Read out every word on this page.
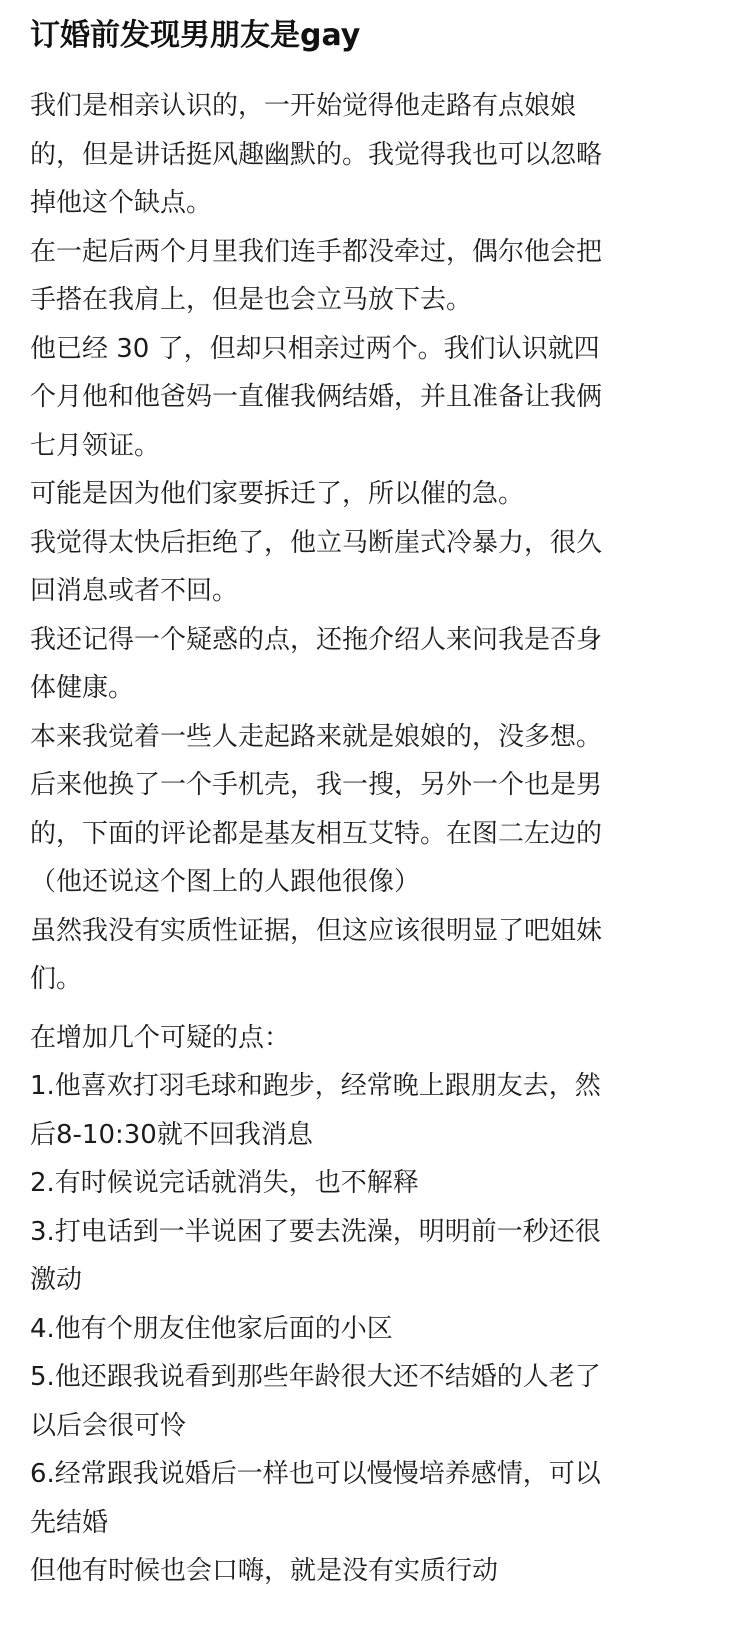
订婚前发现男朋友是gay
我们是相亲认识的，一开始觉得他走路有点娘娘
的，但是讲话挺风趣幽默的。我觉得我也可以忽略
掉他这个缺点。
在一起后两个月里我们连手都没牵过，偶尔他会把
手搭在我肩上，但是也会立马放下去。
他已经 30 了，但却只相亲过两个。我们认识就四
个月他和他爸妈一直催我俩结婚，并且准备让我俩
七月领证。
可能是因为他们家要拆迁了，所以催的急。
我觉得太快后拒绝了，他立马断崖式冷暴力，很久
回消息或者不回。
我还记得一个疑惑的点，还拖介绍人来问我是否身
体健康。
本来我觉着一些人走起路来就是娘娘的，没多想。
后来他换了一个手机壳，我一搜，另外一个也是男
的，下面的评论都是基友相互艾特。在图二左边的
（他还说这个图上的人跟他很像）
虽然我没有实质性证据，但这应该很明显了吧姐妹
们。
在增加几个可疑的点：
1.他喜欢打羽毛球和跑步，经常晚上跟朋友去，然
后8-10:30就不回我消息
2.有时候说完话就消失，也不解释
3.打电话到一半说困了要去洗澡，明明前一秒还很
激动
4.他有个朋友住他家后面的小区
5.他还跟我说看到那些年龄很大还不结婚的人老了
以后会很可怜
6.经常跟我说婚后一样也可以慢慢培养感情，可以
先结婚
但他有时候也会口嗨，就是没有实质行动
